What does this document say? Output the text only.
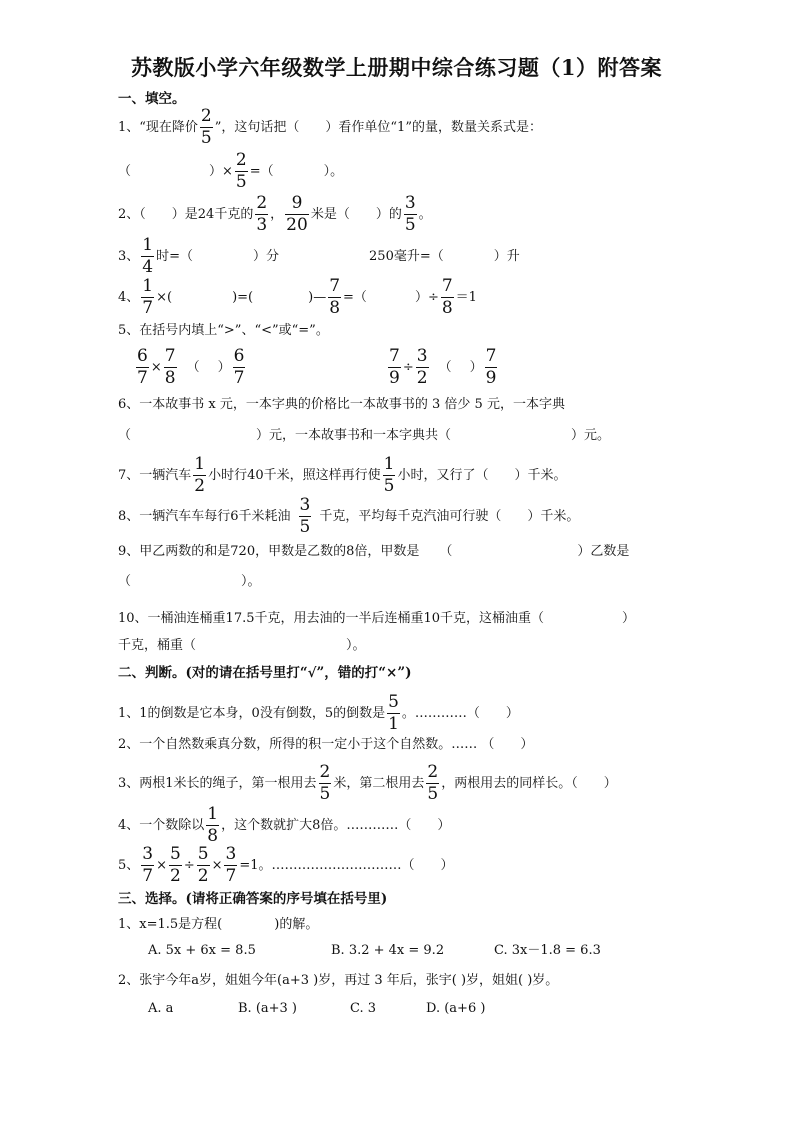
苏教版小学六年级数学上册期中综合练习题（1）附答案
一、填空。
1、“现在降价 $\frac{2}{5}$ ”，这句话把（　　）看作单位“1”的量，数量关系式是：
（	）× $\frac{2}{5}$ =（	）。
2、（　　）是24千克的 $\frac{2}{3}$ ， $\frac{9}{20}$ 米是（　　）的 $\frac{3}{5}$ 。
3、 $\frac{1}{4}$ 时=（	）分	250毫升=（	）升
4、 $\frac{1}{7}$ ×(	)=(	)— $\frac{7}{8}$ =（	）÷ $\frac{7}{8} =1$
5、在括号内填上“>”、“<”或“=”。
$\frac{6}{7} \times \frac{7}{8}$ （ ） $\frac{6}{7}$	$\frac{7}{9} \div \frac{3}{2}$ （ ） $\frac{7}{9}$
6、一本故事书 x 元，一本字典的价格比一本故事书的 3 倍少 5 元，一本字典
（	）元，一本故事书和一本字典共（	）元。
7、一辆汽车 $\frac{1}{2}$ 小时行40千米，照这样再行使 $\frac{1}{5}$ 小时，又行了（　　）千米。
8、一辆汽车车每行6千米耗油 $\frac{3}{5}$ 千克，平均每千克汽油可行驶（　　）千米。
9、甲乙两数的和是720，甲数是乙数的8倍，甲数是 （	）乙数是
（	）。
10、一桶油连桶重17.5千克，用去油的一半后连桶重10千克，这桶油重（	）
千克，桶重（	）。
二、判断。(对的请在括号里打“√”，错的打“×”)
1、1的倒数是它本身，0没有倒数，5的倒数是 $\frac{5}{1}$ 。…………（　　）
2、一个自然数乘真分数，所得的积一定小于这个自然数。…… （　　）
3、两根1米长的绳子，第一根用去 $\frac{2}{5}$ 米，第二根用去 $\frac{2}{5}$ ，两根用去的同样长。（　　）
4、一个数除以 $\frac{1}{8}$ ，这个数就扩大8倍。…………（　　）
5、 $\frac{3}{7} \times \frac{5}{2} \div \frac{5}{2} \times \frac{3}{7} =1$。…………………………（　　）
三、选择。(请将正确答案的序号填在括号里)
1、x=1.5是方程(　　　　)的解。
A. 5x + 6x = 8.5	B. 3.2 + 4x = 9.2	C. 3x－1.8 = 6.3
2、张宇今年a岁，姐姐今年(a+3 )岁，再过 3 年后，张宇( )岁，姐姐( )岁。
A. a	B. (a+3 )	C. 3	D. (a+6 )
